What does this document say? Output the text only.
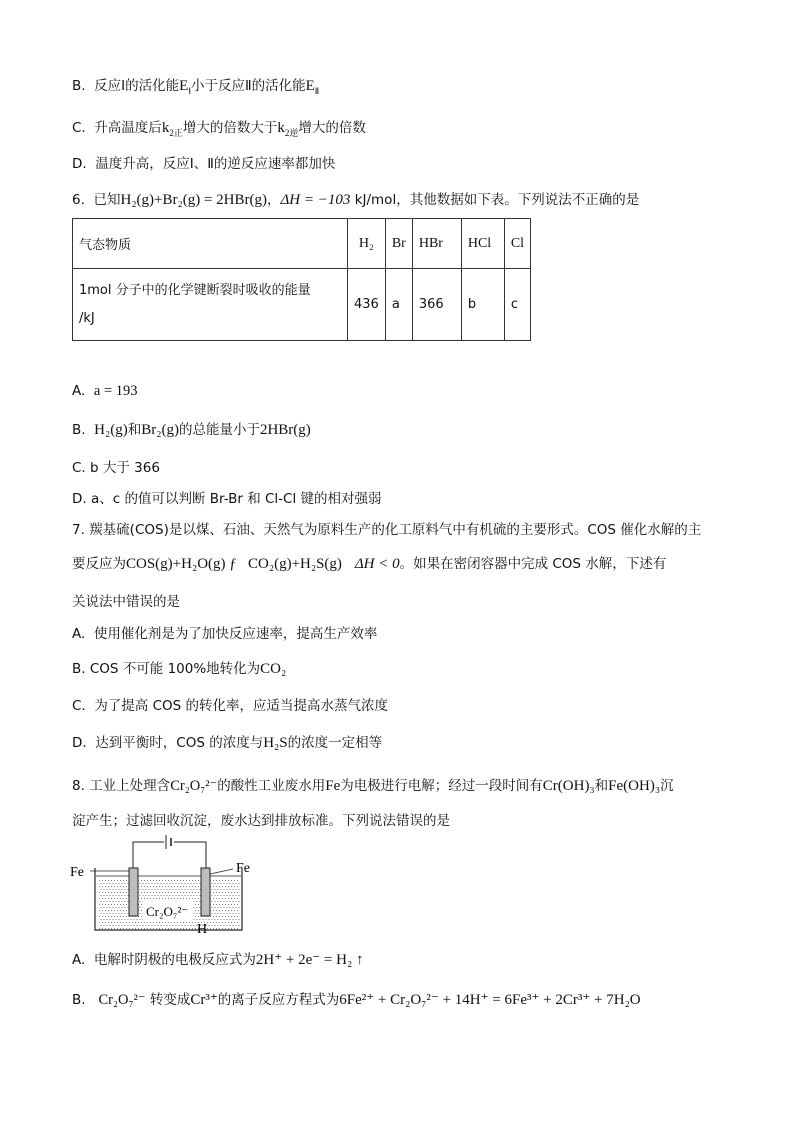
B. 反应Ⅰ的活化能$E_Ⅰ$小于反应Ⅱ的活化能$E_Ⅱ$
C. 升高温度后$k_{2正}$增大的倍数大于$k_{2逆}$增大的倍数
D. 温度升高，反应Ⅰ、Ⅱ的逆反应速率都加快
6. 已知H₂(g)+Br₂(g) = 2HBr(g)，ΔH = −103 kJ/mol，其他数据如下表。下列说法不正确的是
气态物质	H₂	Br	HBr	HCl	Cl
1mol 分子中的化学键断裂时吸收的能量
/kJ	436	a	366	b	c
A. a = 193
B. H₂(g)和Br₂(g)的总能量小于2HBr(g)
C. b 大于 366
D. a、c 的值可以判断 Br-Br 和 Cl-Cl 键的相对强弱
7. 羰基硫(COS)是以煤、石油、天然气为原料生产的化工原料气中有机硫的主要形式。COS 催化水解的主
要反应为COS(g)+H₂O(g) ƒ   CO₂(g)+H₂S(g) ΔH < 0。如果在密闭容器中完成 COS 水解，下述有
关说法中错误的是
A. 使用催化剂是为了加快反应速率，提高生产效率
B. COS 不可能 100%地转化为CO₂
C. 为了提高 COS 的转化率，应适当提高水蒸气浓度
D. 达到平衡时，COS 的浓度与H₂S的浓度一定相等
8. 工业上处理含Cr₂O₇²⁻的酸性工业废水用Fe为电极进行电解；经过一段时间有Cr(OH)₃和Fe(OH)₃沉
淀产生；过滤回收沉淀，废水达到排放标准。下列说法错误的是
Fe	Fe
Cr₂O₇²⁻
H
A. 电解时阴极的电极反应式为2H⁺ + 2e⁻ = H₂ ↑
B. Cr₂O₇²⁻ 转变成Cr³⁺的离子反应方程式为6Fe²⁺ + Cr₂O₇²⁻ + 14H⁺ = 6Fe³⁺ + 2Cr³⁺ + 7H₂O
